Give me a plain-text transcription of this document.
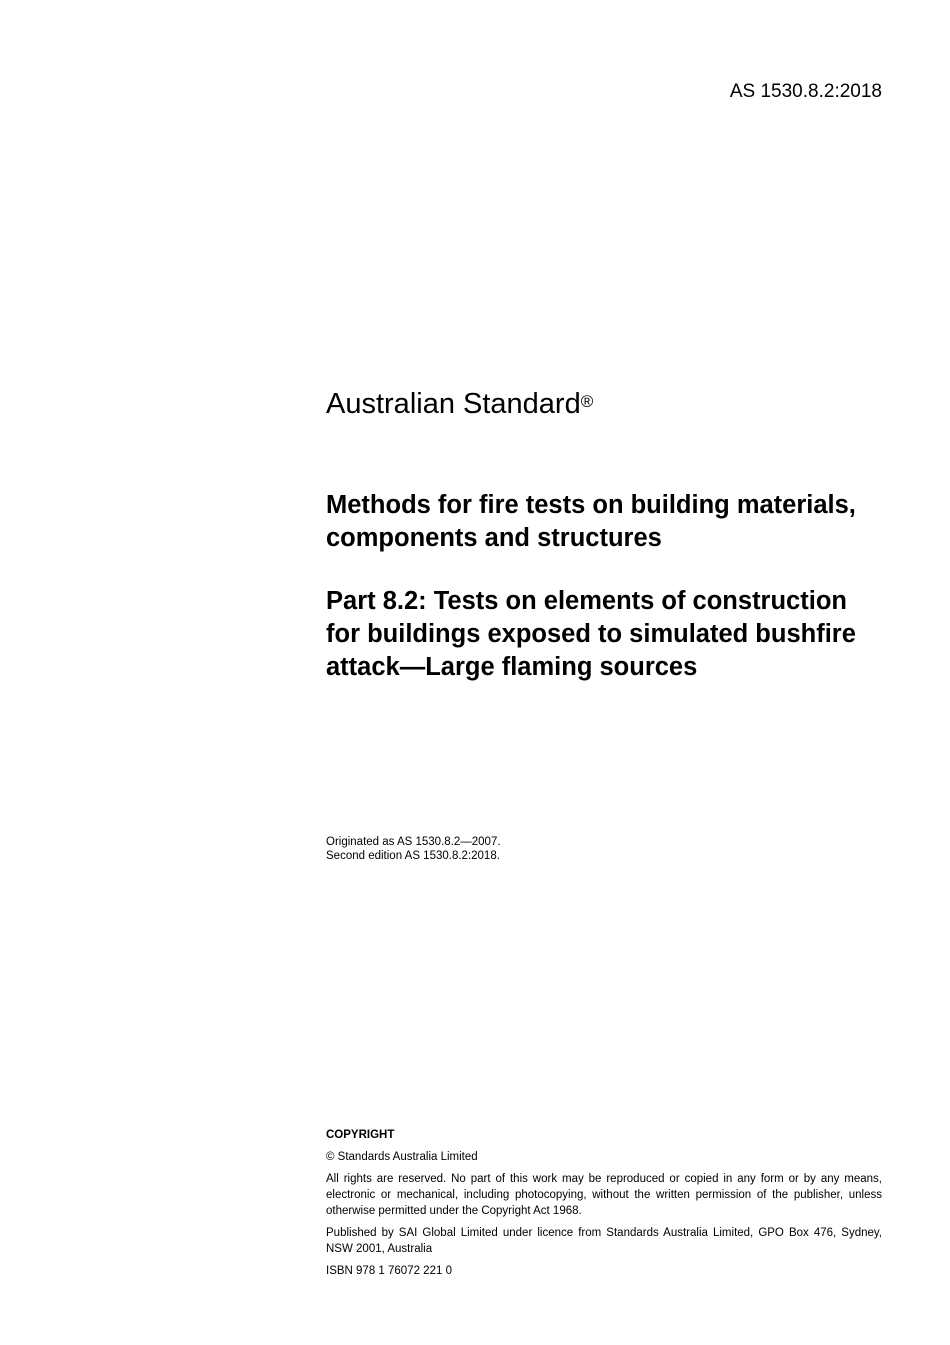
AS 1530.8.2:2018
Australian Standard®
Methods for fire tests on building materials, components and structures
Part 8.2: Tests on elements of construction for buildings exposed to simulated bushfire attack—Large flaming sources
Originated as AS 1530.8.2—2007.
Second edition AS 1530.8.2:2018.

COPYRIGHT

© Standards Australia Limited

All rights are reserved. No part of this work may be reproduced or copied in any form or by any means, electronic or mechanical, including photocopying, without the written permission of the publisher, unless otherwise permitted under the Copyright Act 1968.

Published by SAI Global Limited under licence from Standards Australia Limited, GPO Box 476, Sydney, NSW 2001, Australia

ISBN 978 1 76072 221 0
